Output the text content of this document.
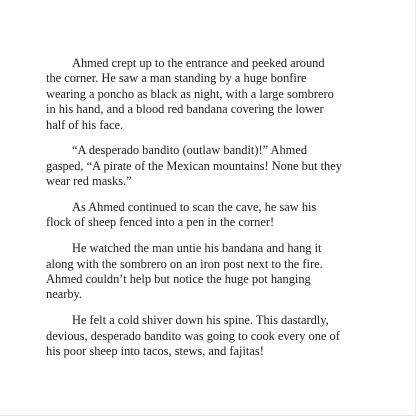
Ahmed crept up to the entrance and peeked around
the corner. He saw a man standing by a huge bonfire
wearing a poncho as black as night, with a large sombrero
in his hand, and a blood red bandana covering the lower
half of his face.

“A desperado bandito (outlaw bandit)!” Ahmed
gasped, “A pirate of the Mexican mountains! None but they
wear red masks.”

As Ahmed continued to scan the cave, he saw his
flock of sheep fenced into a pen in the corner!

He watched the man untie his bandana and hang it
along with the sombrero on an iron post next to the fire.
Ahmed couldn’t help but notice the huge pot hanging
nearby.

He felt a cold shiver down his spine. This dastardly,
devious, desperado bandito was going to cook every one of
his poor sheep into tacos, stews, and fajitas!
